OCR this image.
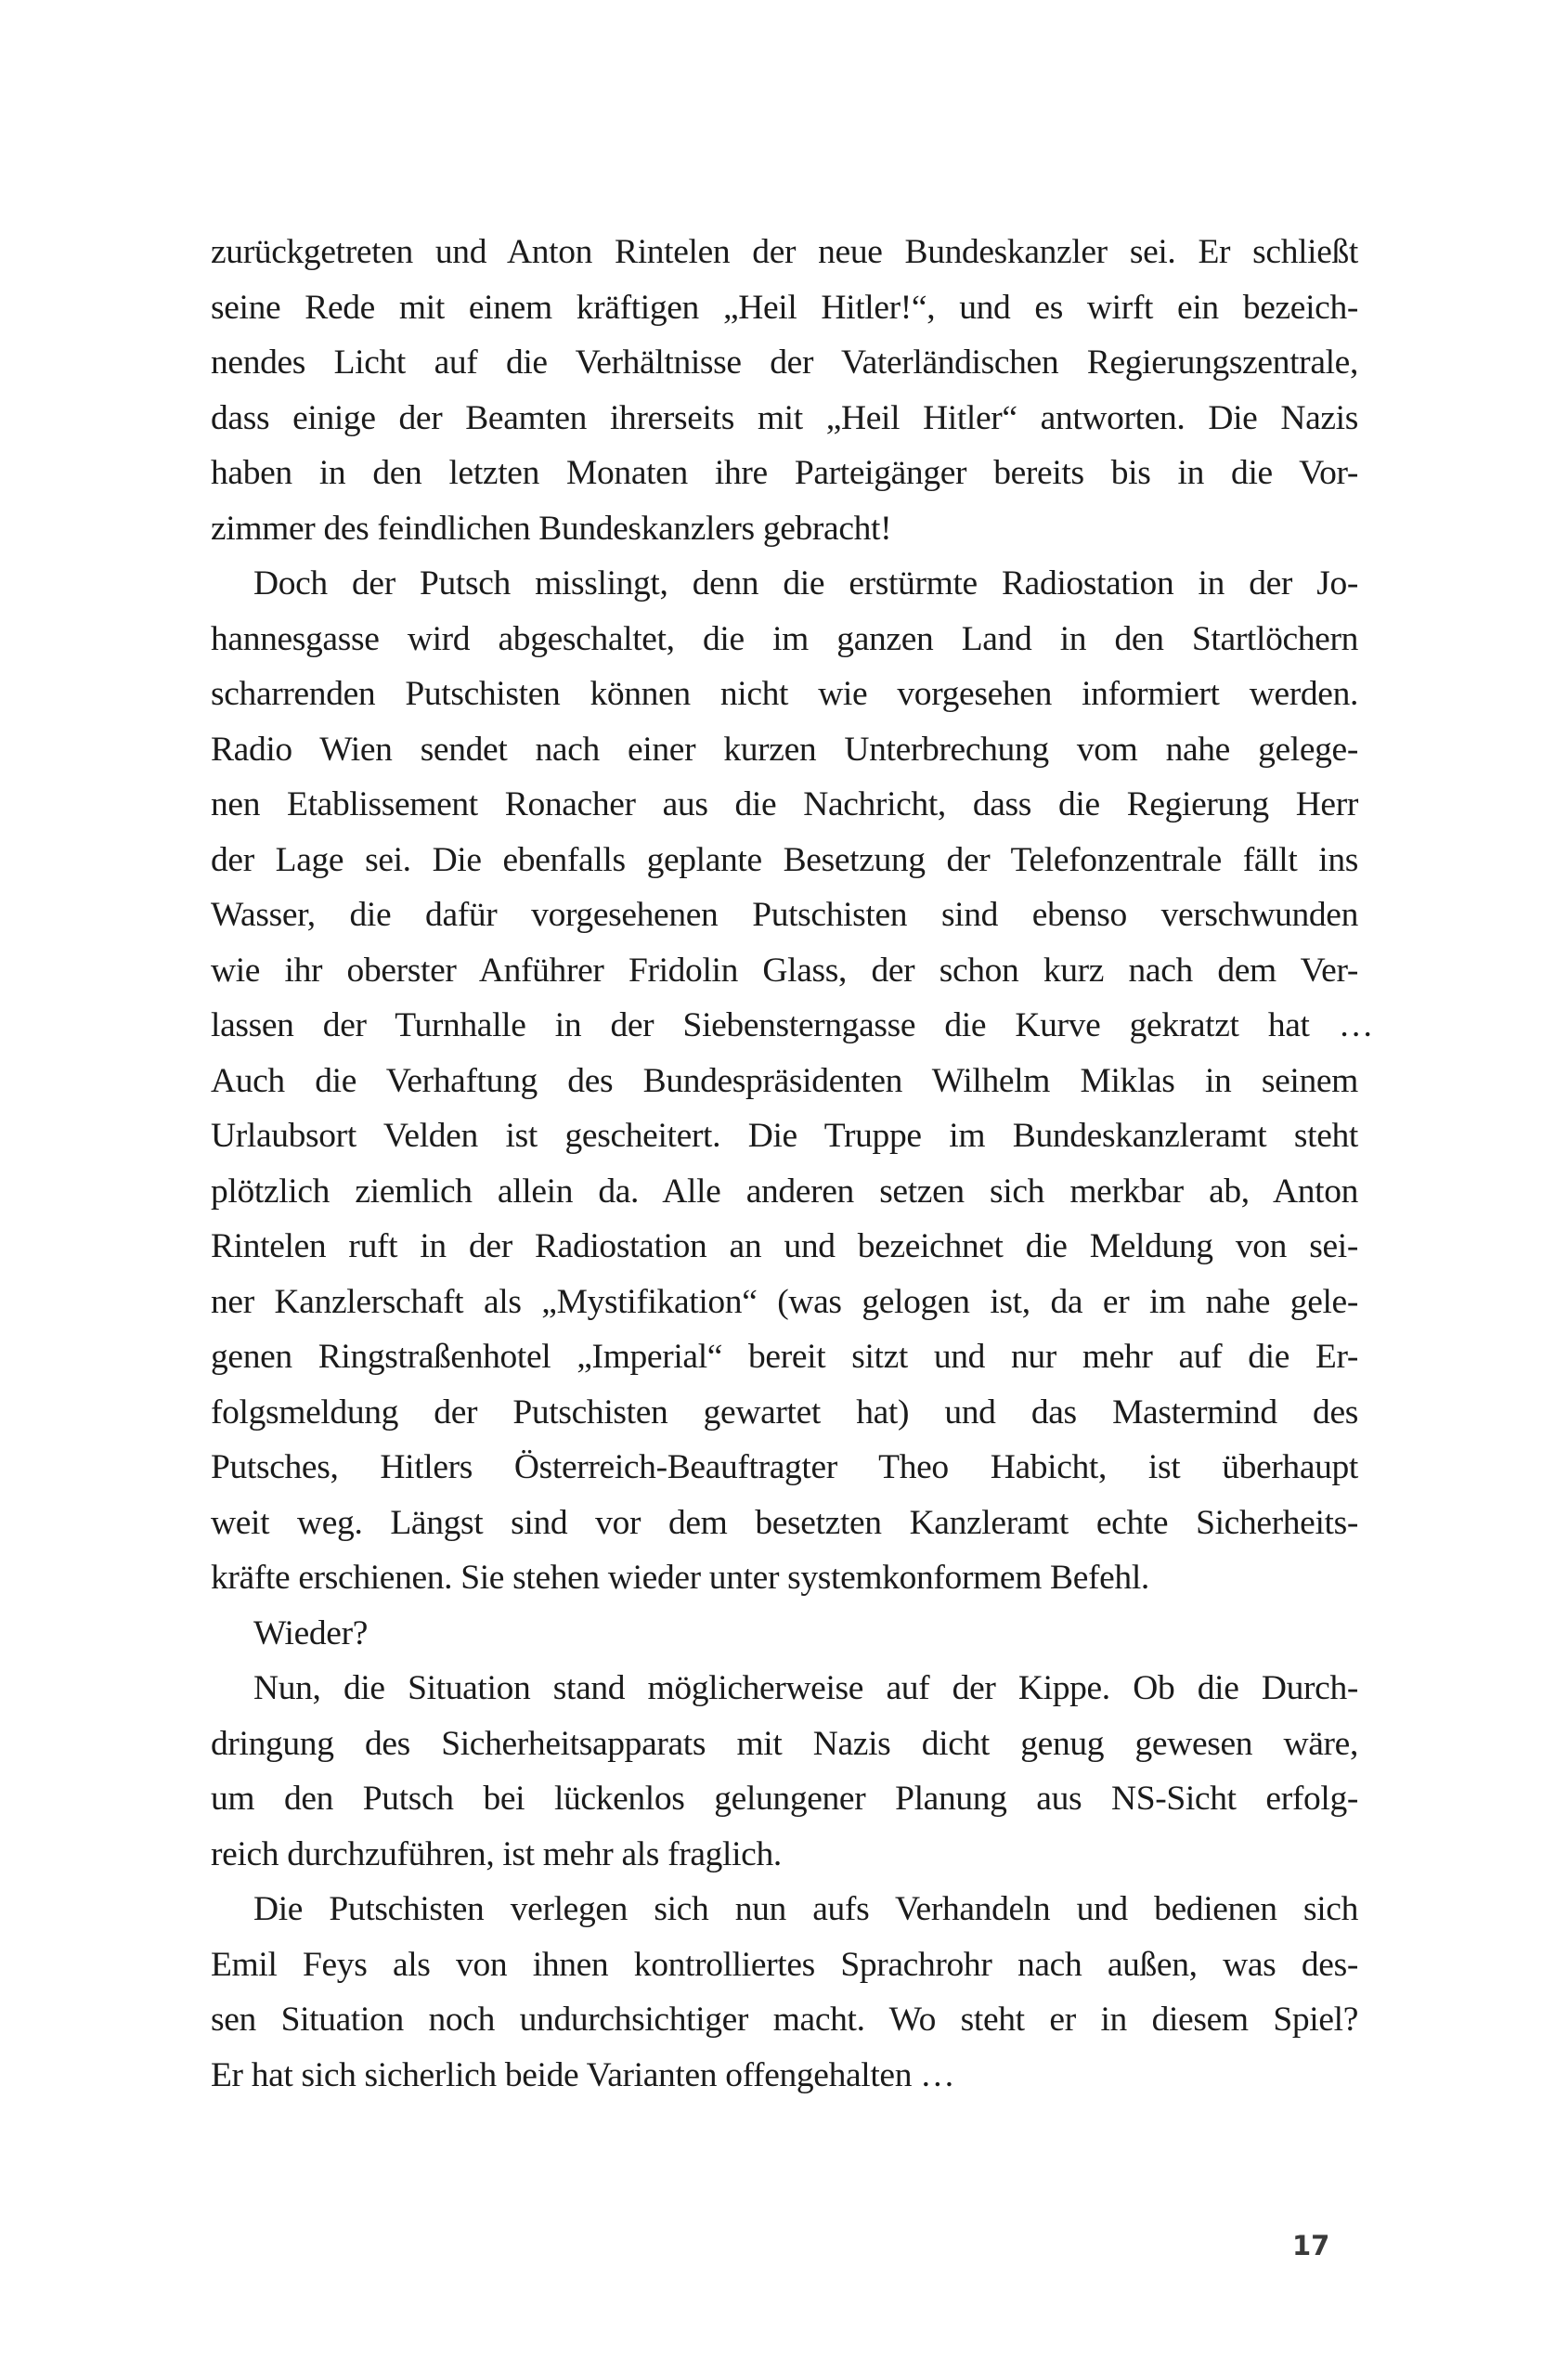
zurückgetreten und Anton Rintelen der neue Bundeskanzler sei. Er schließt
seine Rede mit einem kräftigen „Heil Hitler!“, und es wirft ein bezeich-
nendes Licht auf die Verhältnisse der Vaterländischen Regierungszentrale,
dass einige der Beamten ihrerseits mit „Heil Hitler“ antworten. Die Nazis
haben in den letzten Monaten ihre Parteigänger bereits bis in die Vor-
zimmer des feindlichen Bundeskanzlers gebracht!
Doch der Putsch misslingt, denn die erstürmte Radiostation in der Jo-
hannesgasse wird abgeschaltet, die im ganzen Land in den Startlöchern
scharrenden Putschisten können nicht wie vorgesehen informiert werden.
Radio Wien sendet nach einer kurzen Unterbrechung vom nahe gelege-
nen Etablissement Ronacher aus die Nachricht, dass die Regierung Herr
der Lage sei. Die ebenfalls geplante Besetzung der Telefonzentrale fällt ins
Wasser, die dafür vorgesehenen Putschisten sind ebenso verschwunden
wie ihr oberster Anführer Fridolin Glass, der schon kurz nach dem Ver-
lassen der Turnhalle in der Siebensterngasse die Kurve gekratzt hat …
Auch die Verhaftung des Bundespräsidenten Wilhelm Miklas in seinem
Urlaubsort Velden ist gescheitert. Die Truppe im Bundeskanzleramt steht
plötzlich ziemlich allein da. Alle anderen setzen sich merkbar ab, Anton
Rintelen ruft in der Radiostation an und bezeichnet die Meldung von sei-
ner Kanzlerschaft als „Mystifikation“ (was gelogen ist, da er im nahe gele-
genen Ringstraßenhotel „Imperial“ bereit sitzt und nur mehr auf die Er-
folgsmeldung der Putschisten gewartet hat) und das Mastermind des
Putsches, Hitlers Österreich-Beauftragter Theo Habicht, ist überhaupt
weit weg. Längst sind vor dem besetzten Kanzleramt echte Sicherheits-
kräfte erschienen. Sie stehen wieder unter systemkonformem Befehl.
Wieder?
Nun, die Situation stand möglicherweise auf der Kippe. Ob die Durch-
dringung des Sicherheitsapparats mit Nazis dicht genug gewesen wäre,
um den Putsch bei lückenlos gelungener Planung aus NS-Sicht erfolg-
reich durchzuführen, ist mehr als fraglich.
Die Putschisten verlegen sich nun aufs Verhandeln und bedienen sich
Emil Feys als von ihnen kontrolliertes Sprachrohr nach außen, was des-
sen Situation noch undurchsichtiger macht. Wo steht er in diesem Spiel?
Er hat sich sicherlich beide Varianten offengehalten …
17
